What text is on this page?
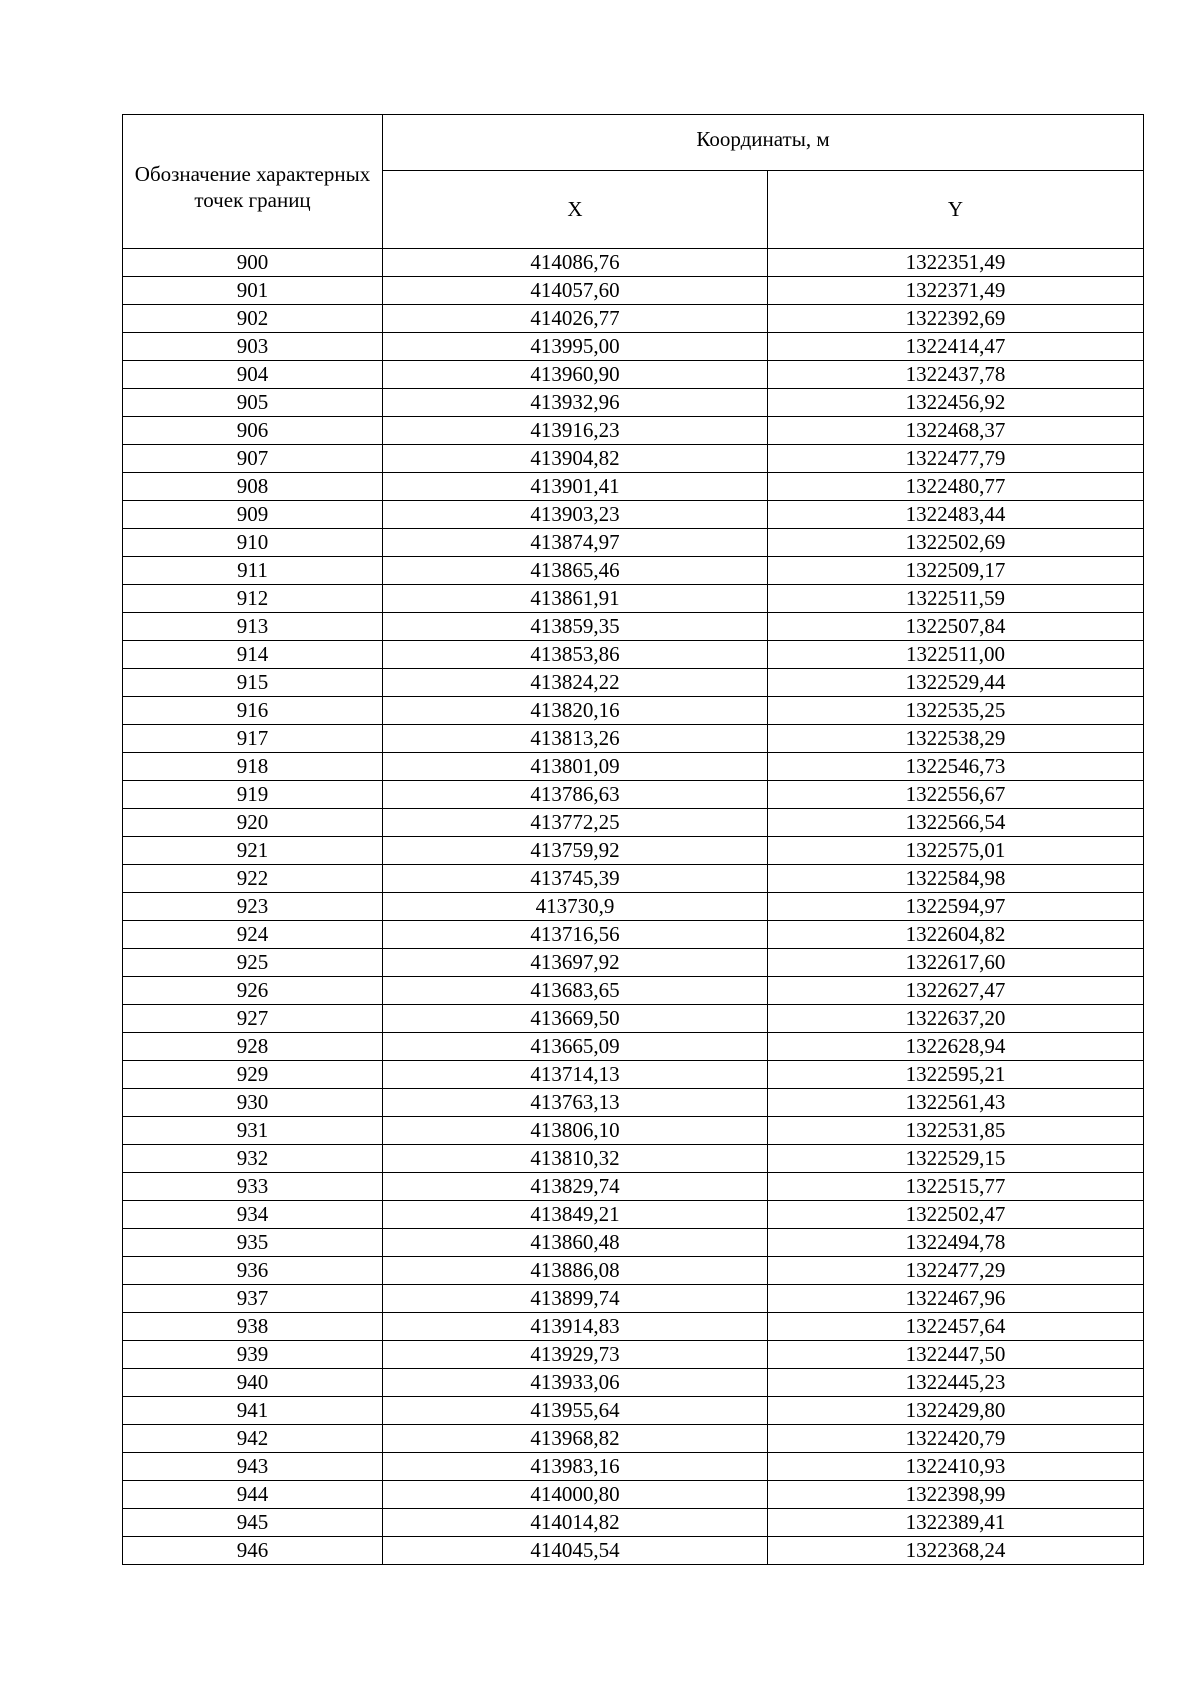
Обозначение характерных точек границ	Координаты, м	
	X	Y
900	414086,76	1322351,49
901	414057,60	1322371,49
902	414026,77	1322392,69
903	413995,00	1322414,47
904	413960,90	1322437,78
905	413932,96	1322456,92
906	413916,23	1322468,37
907	413904,82	1322477,79
908	413901,41	1322480,77
909	413903,23	1322483,44
910	413874,97	1322502,69
911	413865,46	1322509,17
912	413861,91	1322511,59
913	413859,35	1322507,84
914	413853,86	1322511,00
915	413824,22	1322529,44
916	413820,16	1322535,25
917	413813,26	1322538,29
918	413801,09	1322546,73
919	413786,63	1322556,67
920	413772,25	1322566,54
921	413759,92	1322575,01
922	413745,39	1322584,98
923	413730,9	1322594,97
924	413716,56	1322604,82
925	413697,92	1322617,60
926	413683,65	1322627,47
927	413669,50	1322637,20
928	413665,09	1322628,94
929	413714,13	1322595,21
930	413763,13	1322561,43
931	413806,10	1322531,85
932	413810,32	1322529,15
933	413829,74	1322515,77
934	413849,21	1322502,47
935	413860,48	1322494,78
936	413886,08	1322477,29
937	413899,74	1322467,96
938	413914,83	1322457,64
939	413929,73	1322447,50
940	413933,06	1322445,23
941	413955,64	1322429,80
942	413968,82	1322420,79
943	413983,16	1322410,93
944	414000,80	1322398,99
945	414014,82	1322389,41
946	414045,54	1322368,24
